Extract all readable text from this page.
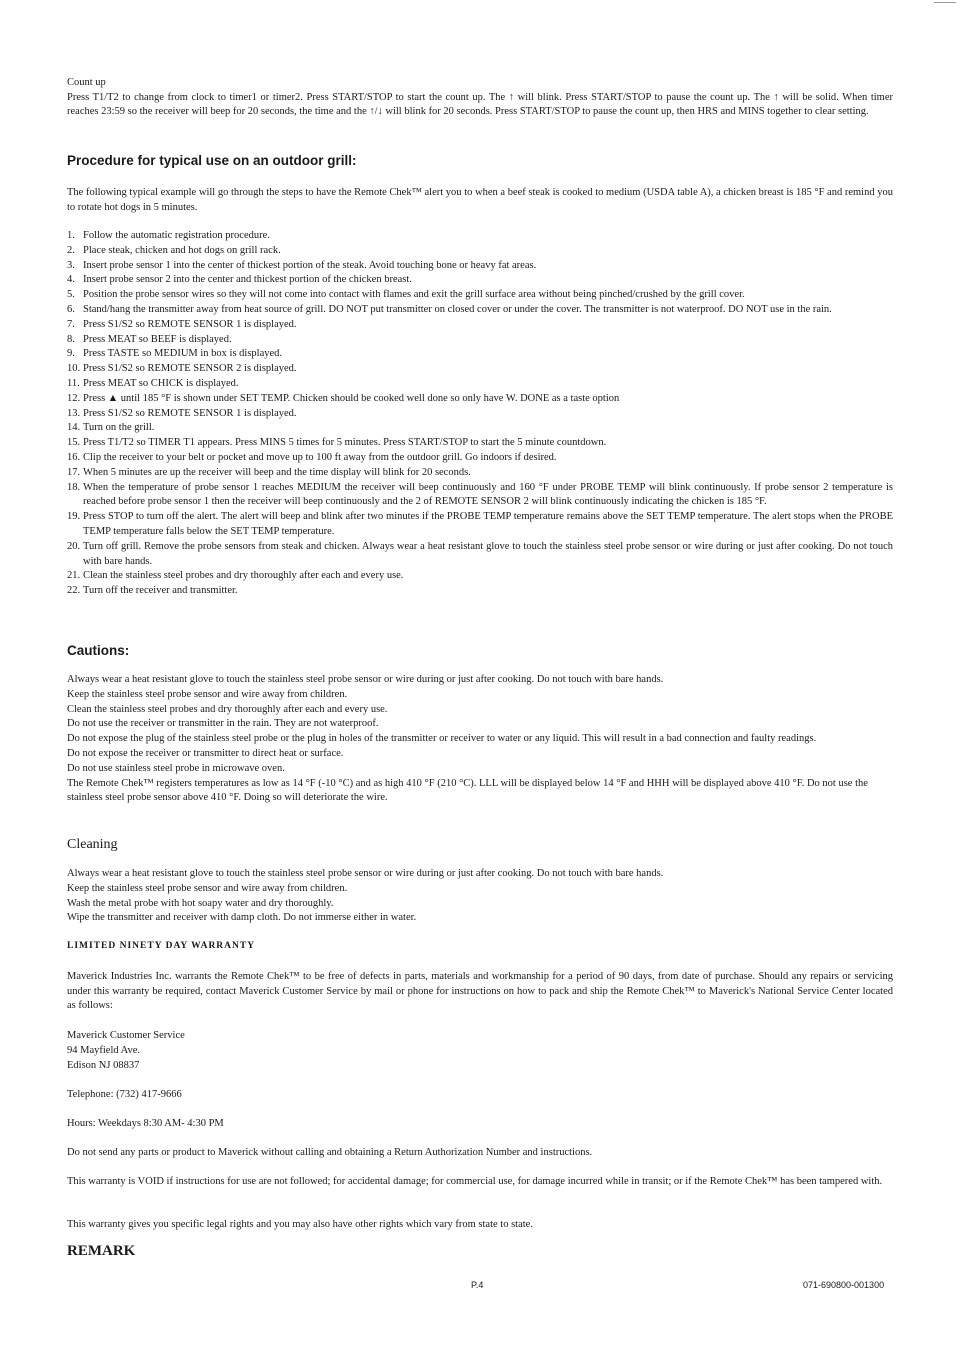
Count up

Press T1/T2 to change from clock to timer1 or timer2. Press START/STOP to start the count up. The ↑ will blink. Press START/STOP to pause the count up. The ↑ will be solid. When timer reaches 23:59 so the receiver will beep for 20 seconds, the time and the ↑/↓ will blink for 20 seconds. Press START/STOP to pause the count up, then HRS and MINS together to clear setting.

Procedure for typical use on an outdoor grill:

The following typical example will go through the steps to have the Remote Chek™ alert you to when a beef steak is cooked to medium (USDA table A), a chicken breast is 185 °F and remind you to rotate hot dogs in 5 minutes.

1. Follow the automatic registration procedure.
2. Place steak, chicken and hot dogs on grill rack.
3. Insert probe sensor 1 into the center of thickest portion of the steak. Avoid touching bone or heavy fat areas.
4. Insert probe sensor 2 into the center and thickest portion of the chicken breast.
5. Position the probe sensor wires so they will not come into contact with flames and exit the grill surface area without being pinched/crushed by the grill cover.
6. Stand/hang the transmitter away from heat source of grill. DO NOT put transmitter on closed cover or under the cover. The transmitter is not waterproof. DO NOT use in the rain.
7. Press S1/S2 so REMOTE SENSOR 1 is displayed.
8. Press MEAT so BEEF is displayed.
9. Press TASTE so MEDIUM in box is displayed.
10. Press S1/S2 so REMOTE SENSOR 2 is displayed.
11. Press MEAT so CHICK is displayed.
12. Press ▲ until 185 °F is shown under SET TEMP. Chicken should be cooked well done so only have W. DONE as a taste option
13. Press S1/S2 so REMOTE SENSOR 1 is displayed.
14. Turn on the grill.
15. Press T1/T2 so TIMER T1 appears. Press MINS 5 times for 5 minutes. Press START/STOP to start the 5 minute countdown.
16. Clip the receiver to your belt or pocket and move up to 100 ft away from the outdoor grill. Go indoors if desired.
17. When 5 minutes are up the receiver will beep and the time display will blink for 20 seconds.
18. When the temperature of probe sensor 1 reaches MEDIUM the receiver will beep continuously and 160 °F under PROBE TEMP will blink continuously. If probe sensor 2 temperature is reached before probe sensor 1 then the receiver will beep continuously and the 2 of REMOTE SENSOR 2 will blink continuously indicating the chicken is 185 °F.
19. Press STOP to turn off the alert. The alert will beep and blink after two minutes if the PROBE TEMP temperature remains above the SET TEMP temperature. The alert stops when the PROBE TEMP temperature falls below the SET TEMP temperature.
20. Turn off grill. Remove the probe sensors from steak and chicken. Always wear a heat resistant glove to touch the stainless steel probe sensor or wire during or just after cooking. Do not touch with bare hands.
21. Clean the stainless steel probes and dry thoroughly after each and every use.
22. Turn off the receiver and transmitter.

Cautions:

Always wear a heat resistant glove to touch the stainless steel probe sensor or wire during or just after cooking. Do not touch with bare hands.
Keep the stainless steel probe sensor and wire away from children.
Clean the stainless steel probes and dry thoroughly after each and every use.
Do not use the receiver or transmitter in the rain. They are not waterproof.
Do not expose the plug of the stainless steel probe or the plug in holes of the transmitter or receiver to water or any liquid. This will result in a bad connection and faulty readings.
Do not expose the receiver or transmitter to direct heat or surface.
Do not use stainless steel probe in microwave oven.
The Remote Chek™ registers temperatures as low as 14 °F (-10 °C) and as high 410 °F (210 °C). LLL will be displayed below 14 °F and HHH will be displayed above 410 °F. Do not use the stainless steel probe sensor above 410 °F. Doing so will deteriorate the wire.

Cleaning

Always wear a heat resistant glove to touch the stainless steel probe sensor or wire during or just after cooking. Do not touch with bare hands.
Keep the stainless steel probe sensor and wire away from children.
Wash the metal probe with hot soapy water and dry thoroughly.
Wipe the transmitter and receiver with damp cloth. Do not immerse either in water.

LIMITED NINETY DAY WARRANTY

Maverick Industries Inc. warrants the Remote Chek™ to be free of defects in parts, materials and workmanship for a period of 90 days, from date of purchase. Should any repairs or servicing under this warranty be required, contact Maverick Customer Service by mail or phone for instructions on how to pack and ship the Remote Chek™ to Maverick's National Service Center located as follows:

Maverick Customer Service
94 Mayfield Ave.
Edison NJ 08837

Telephone: (732) 417-9666

Hours: Weekdays 8:30 AM- 4:30 PM

Do not send any parts or product to Maverick without calling and obtaining a Return Authorization Number and instructions.

This warranty is VOID if instructions for use are not followed; for accidental damage; for commercial use, for damage incurred while in transit; or if the Remote Chek™ has been tampered with.

This warranty gives you specific legal rights and you may also have other rights which vary from state to state.

REMARK

P.4	071-690800-001300
